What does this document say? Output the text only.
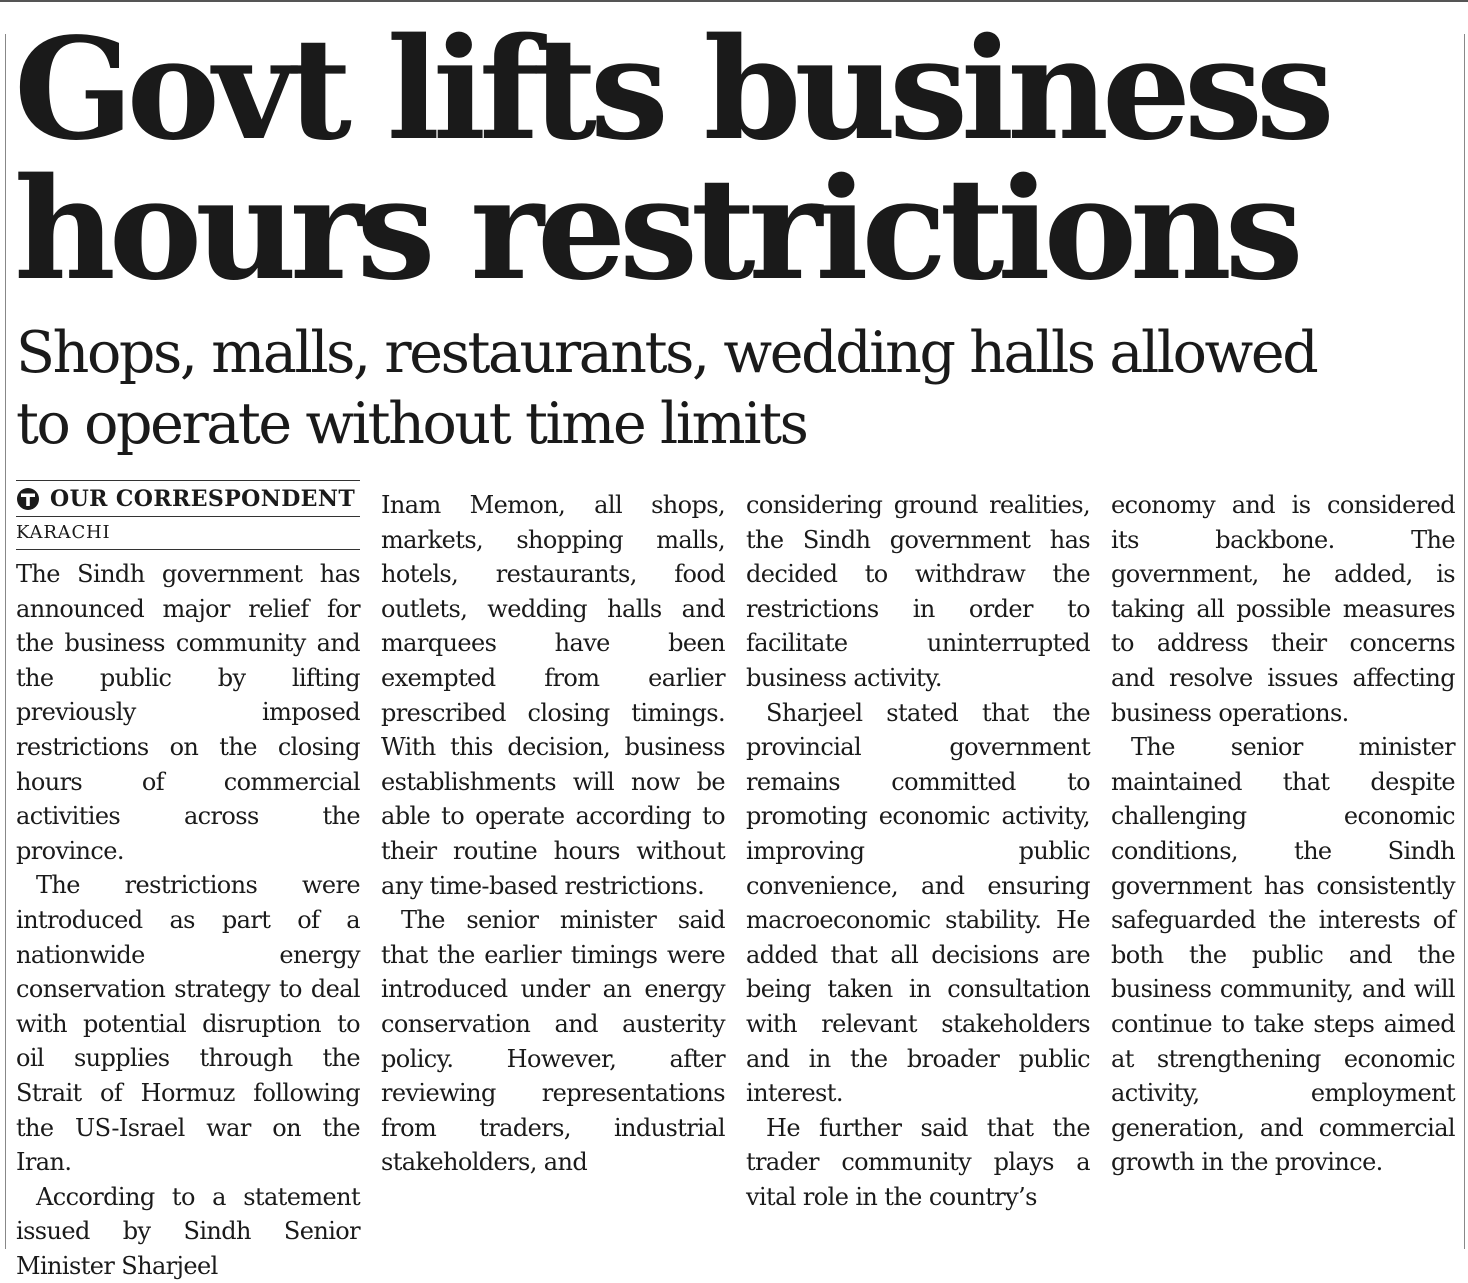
Govt lifts business
hours restrictions
Shops, malls, restaurants, wedding halls allowed
to operate without time limits
OUR CORRESPONDENT
KARACHI

The Sindh government has announced major relief for the business community and the public by lifting previously imposed restrictions on the closing hours of commercial activities across the province.

The restrictions were introduced as part of a nationwide energy conservation strategy to deal with potential disruption to oil supplies through the Strait of Hormuz following the US-Israel war on the Iran.

According to a statement issued by Sindh Senior Minister Sharjeel

Inam Memon, all shops, markets, shopping malls, hotels, restaurants, food outlets, wedding halls and marquees have been exempted from earlier prescribed closing timings. With this decision, business establishments will now be able to operate according to their routine hours without any time-based restrictions.

The senior minister said that the earlier timings were introduced under an energy conservation and austerity policy. However, after reviewing representations from traders, industrial stakeholders, and

considering ground realities, the Sindh government has decided to withdraw the restrictions in order to facilitate uninterrupted business activity.

Sharjeel stated that the provincial government remains committed to promoting economic activity, improving public convenience, and ensuring macroeconomic stability. He added that all decisions are being taken in consultation with relevant stakeholders and in the broader public interest.

He further said that the trader community plays a vital role in the country’s

economy and is considered its backbone. The government, he added, is taking all possible measures to address their concerns and resolve issues affecting business operations.

The senior minister maintained that despite challenging economic conditions, the Sindh government has consistently safeguarded the interests of both the public and the business community, and will continue to take steps aimed at strengthening economic activity, employment generation, and commercial growth in the province.
